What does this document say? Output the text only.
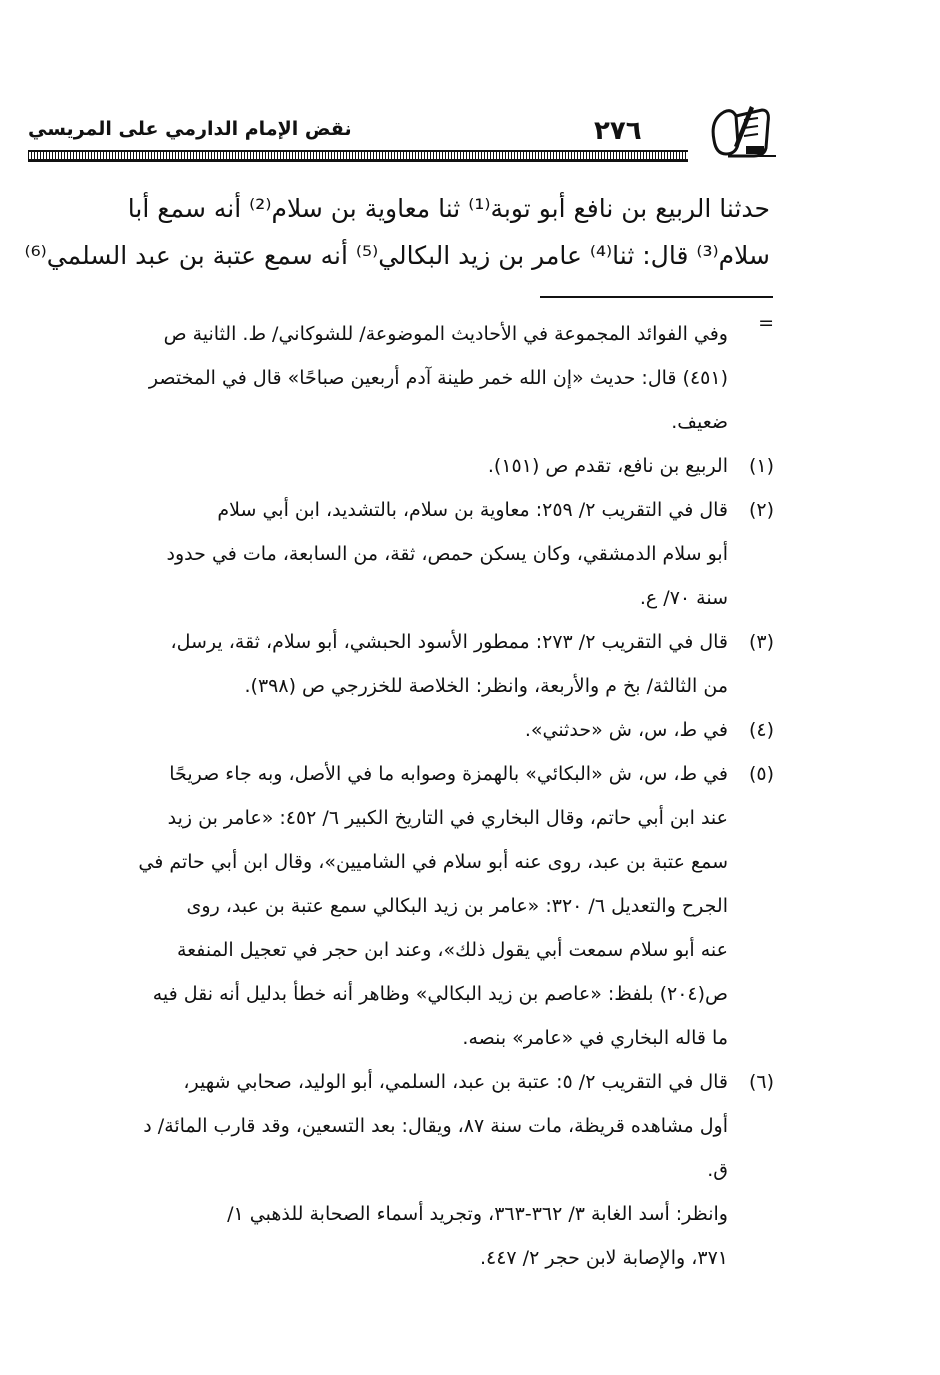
نقض الإمام الدارمي على المريسي	٢٧٦
حدثنا الربيع بن نافع أبو توبة⁽¹⁾ ثنا معاوية بن سلام⁽²⁾ أنه سمع أبا
سلام⁽³⁾ قال: ثنا⁽⁴⁾ عامر بن زيد البكالي⁽⁵⁾ أنه سمع عتبة بن عبد السلمي⁽⁶⁾
=
وفي الفوائد المجموعة في الأحاديث الموضوعة/ للشوكاني/ ط. الثانية ص
(٤٥١) قال: حديث «إن الله خمر طينة آدم أربعين صباحًا» قال في المختصر
ضعيف.
(١)الربيع بن نافع، تقدم ص (١٥١).
(٢)قال في التقريب ٢/ ٢٥٩: معاوية بن سلام، بالتشديد، ابن أبي سلام
أبو سلام الدمشقي، وكان يسكن حمص، ثقة، من السابعة، مات في حدود
سنة ٧٠/ ع.
(٣)قال في التقريب ٢/ ٢٧٣: ممطور الأسود الحبشي، أبو سلام، ثقة، يرسل،
من الثالثة/ بخ م والأربعة، وانظر: الخلاصة للخزرجي ص (٣٩٨).
(٤)في ط، س، ش «حدثني».
(٥)في ط، س، ش «البكائي» بالهمزة وصوابه ما في الأصل، وبه جاء صريحًا
عند ابن أبي حاتم، وقال البخاري في التاريخ الكبير ٦/ ٤٥٢: «عامر بن زيد
سمع عتبة بن عبد، روى عنه أبو سلام في الشاميين»، وقال ابن أبي حاتم في
الجرح والتعديل ٦/ ٣٢٠: «عامر بن زيد البكالي سمع عتبة بن عبد، روى
عنه أبو سلام سمعت أبي يقول ذلك»، وعند ابن حجر في تعجيل المنفعة
ص(٢٠٤) بلفظ: «عاصم بن زيد البكالي» وظاهر أنه خطأ بدليل أنه نقل فيه
ما قاله البخاري في «عامر» بنصه.
(٦)قال في التقريب ٢/ ٥: عتبة بن عبد، السلمي، أبو الوليد، صحابي شهير،
أول مشاهده قريظة، مات سنة ٨٧، ويقال: بعد التسعين، وقد قارب المائة/ د
ق.
وانظر: أسد الغابة ٣/ ٣٦٢-٣٦٣، وتجريد أسماء الصحابة للذهبي ١/
٣٧١، والإصابة لابن حجر ٢/ ٤٤٧.
